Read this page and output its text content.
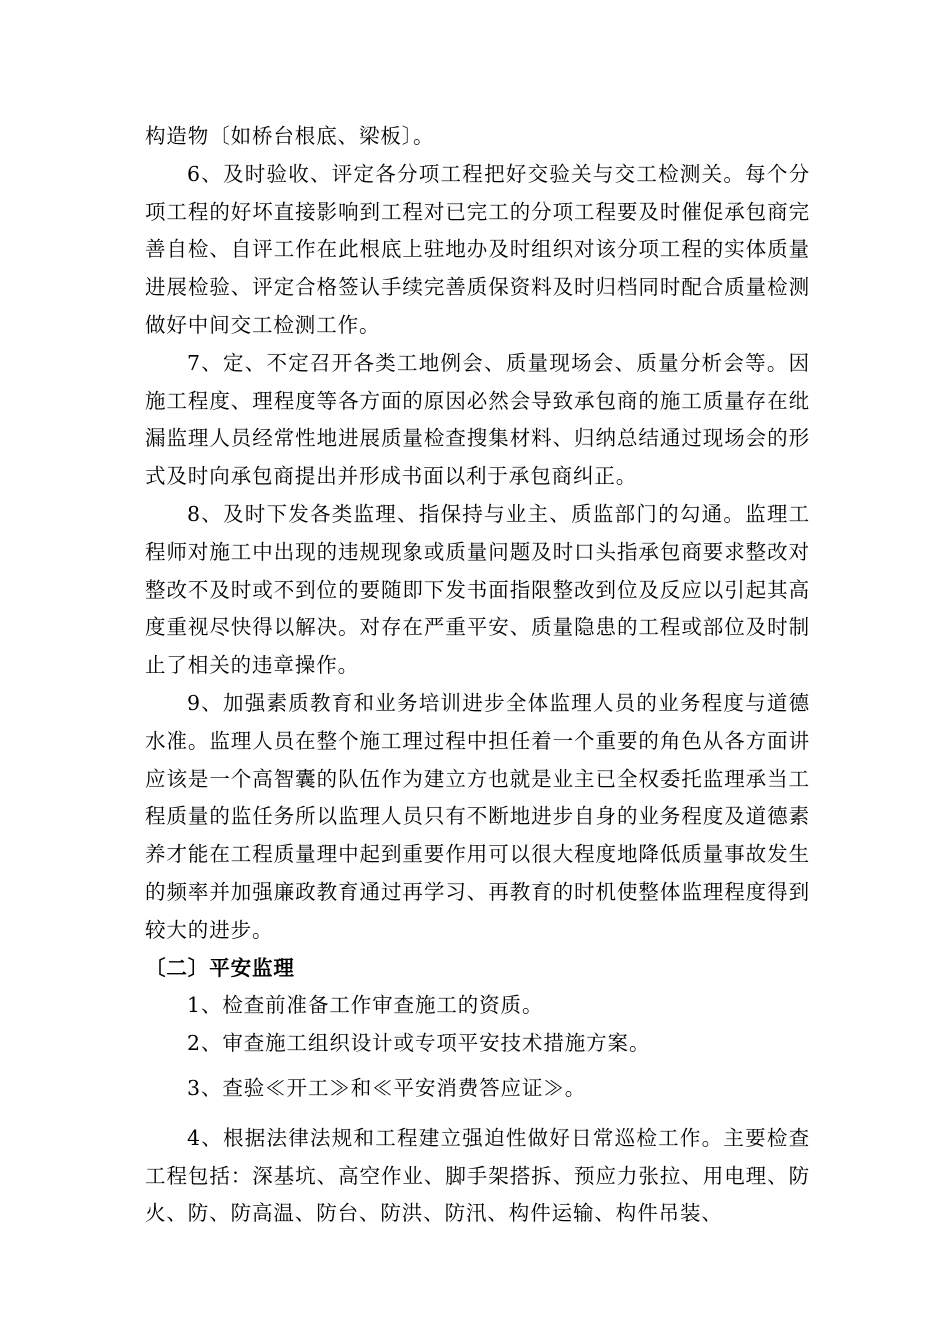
构造物〔如桥台根底、梁板〕。

6、及时验收、评定各分项工程把好交验关与交工检测关。每个分项工程的好坏直接影响到工程对已完工的分项工程要及时催促承包商完善自检、自评工作在此根底上驻地办及时组织对该分项工程的实体质量进展检验、评定合格签认手续完善质保资料及时归档同时配合质量检测做好中间交工检测工作。

7、定、不定召开各类工地例会、质量现场会、质量分析会等。因施工程度、理程度等各方面的原因必然会导致承包商的施工质量存在纰漏监理人员经常性地进展质量检查搜集材料、归纳总结通过现场会的形式及时向承包商提出并形成书面以利于承包商纠正。

8、及时下发各类监理、指保持与业主、质监部门的勾通。监理工程师对施工中出现的违规现象或质量问题及时口头指承包商要求整改对整改不及时或不到位的要随即下发书面指限整改到位及反应以引起其高度重视尽快得以解决。对存在严重平安、质量隐患的工程或部位及时制止了相关的违章操作。

9、加强素质教育和业务培训进步全体监理人员的业务程度与道德水准。监理人员在整个施工理过程中担任着一个重要的角色从各方面讲应该是一个高智囊的队伍作为建立方也就是业主已全权委托监理承当工程质量的监任务所以监理人员只有不断地进步自身的业务程度及道德素养才能在工程质量理中起到重要作用可以很大程度地降低质量事故发生的频率并加强廉政教育通过再学习、再教育的时机使整体监理程度得到较大的进步。

〔二〕平安监理

1、检查前准备工作审查施工的资质。

2、审查施工组织设计或专项平安技术措施方案。

3、查验≪开工≫和≪平安消费答应证≫。

4、根据法律法规和工程建立强迫性做好日常巡检工作。主要检查工程包括：深基坑、高空作业、脚手架搭拆、预应力张拉、用电理、防火、防、防高温、防台、防洪、防汛、构件运输、构件吊装、
